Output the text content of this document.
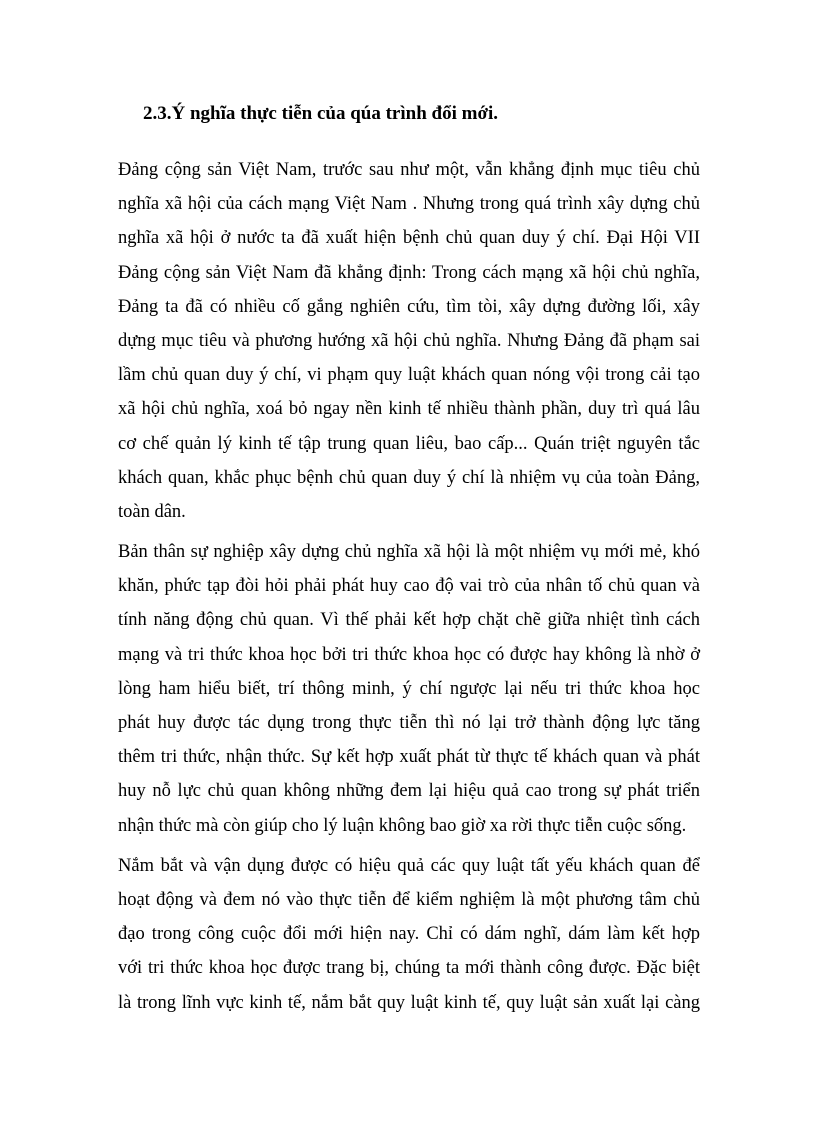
2.3.Ý nghĩa thực tiễn của qúa trình đổi mới.
Đảng cộng sản Việt Nam, trước sau như một, vẫn khẳng định mục tiêu chủ
nghĩa xã hội của cách mạng Việt Nam . Nhưng trong quá trình xây dựng chủ
nghĩa xã hội ở nước ta đã xuất hiện bệnh chủ quan duy ý chí. Đại Hội VII
Đảng cộng sản Việt Nam đã khẳng định: Trong cách mạng xã hội chủ nghĩa,
Đảng ta đã có nhiều cố gắng nghiên cứu, tìm tòi, xây dựng đường lối, xây
dựng mục tiêu và phương hướng xã hội chủ nghĩa. Nhưng Đảng đã phạm sai
lầm chủ quan duy ý chí, vi phạm quy luật khách quan nóng vội trong cải tạo
xã hội chủ nghĩa, xoá bỏ ngay nền kinh tế nhiều thành phần, duy trì quá lâu
cơ chế quản lý kinh tế tập trung quan liêu, bao cấp... Quán triệt nguyên tắc
khách quan, khắc phục bệnh chủ quan duy ý chí là nhiệm vụ của toàn Đảng,
toàn dân.
Bản thân sự nghiệp xây dựng chủ nghĩa xã hội là một nhiệm vụ mới mẻ, khó
khăn, phức tạp đòi hỏi phải phát huy cao độ vai trò của nhân tố chủ quan và
tính năng động chủ quan. Vì thế phải kết hợp chặt chẽ giữa nhiệt tình cách
mạng và tri thức khoa học bởi tri thức khoa học có được hay không là nhờ ở
lòng ham hiểu biết, trí thông minh, ý chí ngược lại nếu tri thức khoa học
phát huy được tác dụng trong thực tiễn thì nó lại trở thành động lực tăng
thêm tri thức, nhận thức. Sự kết hợp xuất phát từ thực tế khách quan và phát
huy nỗ lực chủ quan không những đem lại hiệu quả cao trong sự phát triển
nhận thức mà còn giúp cho lý luận không bao giờ xa rời thực tiễn cuộc sống.
Nắm bắt và vận dụng được có hiệu quả các quy luật tất yếu khách quan để
hoạt động và đem nó vào thực tiễn để kiểm nghiệm là một phương tâm chủ
đạo trong công cuộc đổi mới hiện nay. Chỉ có dám nghĩ, dám làm kết hợp
với tri thức khoa học được trang bị, chúng ta mới thành công được. Đặc biệt
là trong lĩnh vực kinh tế, nắm bắt quy luật kinh tế, quy luật sản xuất lại càng
